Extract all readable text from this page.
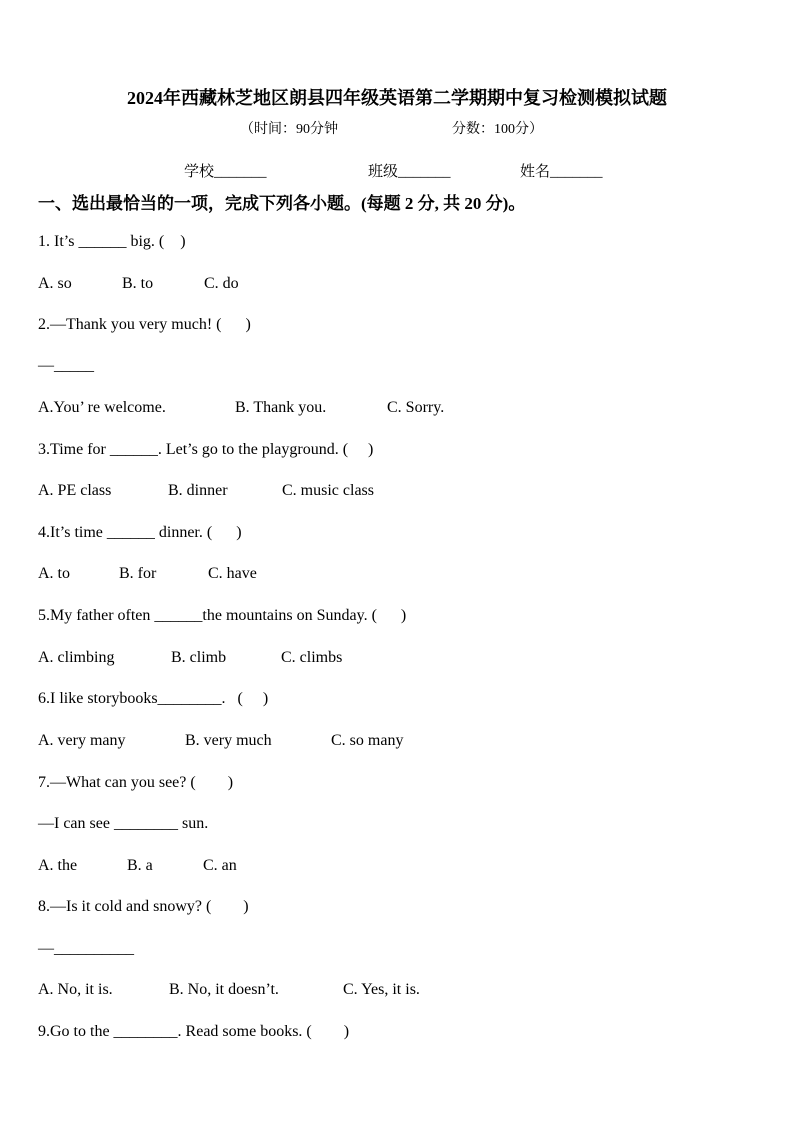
2024年西藏林芝地区朗县四年级英语第二学期期中复习检测模拟试题
（时间：90分钟	分数：100分）
学校_______	班级_______	姓名_______
一、选出最恰当的一项，完成下列各小题。(每题 2 分, 共 20 分)。
1. It’s ______ big. (    )
A. so	B. to	C. do
2.—Thank you very much! (      )
—_____
A.You’ re welcome.	B. Thank you.	C. Sorry.
3.Time for ______. Let’s go to the playground. (     )
A. PE class	B. dinner	C. music class
4.It’s time ______ dinner. (      )
A. to	B. for	C. have
5.My father often ______the mountains on Sunday. (      )
A. climbing	B. climb	C. climbs
6.I like storybooks________.   (     )
A. very many	B. very much	C. so many
7.—What can you see? (        )
—I can see ________ sun.
A. the	B. a	C. an
8.—Is it cold and snowy? (        )
—__________
A. No, it is.	B. No, it doesn’t.	C. Yes, it is.
9.Go to the ________. Read some books. (        )
